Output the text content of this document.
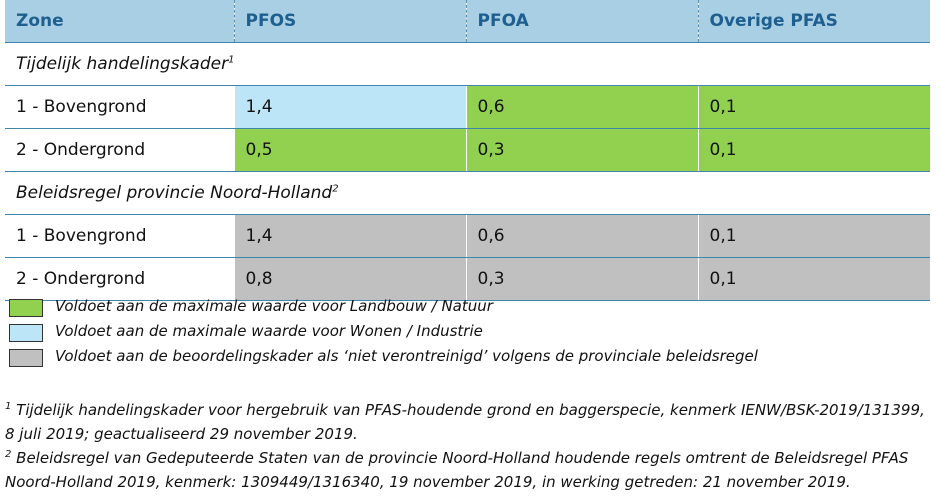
Zone	PFOS	PFOA	Overige PFAS
Tijdelijk handelingskader$^1$
1 - Bovengrond	1,4	0,6	0,1
2 - Ondergrond	0,5	0,3	0,1
Beleidsregel provincie Noord-Holland$^2$
1 - Bovengrond	1,4	0,6	0,1
2 - Ondergrond	0,8	0,3	0,1
Voldoet aan de maximale waarde voor Landbouw / Natuur
Voldoet aan de maximale waarde voor Wonen / Industrie
Voldoet aan de beoordelingskader als ‘niet verontreinigd’ volgens de provinciale beleidsregel
$^1$ Tijdelijk handelingskader voor hergebruik van PFAS-houdende grond en baggerspecie, kenmerk IENW/BSK-2019/131399,
8 juli 2019; geactualiseerd 29 november 2019.
$^2$ Beleidsregel van Gedeputeerde Staten van de provincie Noord-Holland houdende regels omtrent de Beleidsregel PFAS
Noord-Holland 2019, kenmerk: 1309449/1316340, 19 november 2019, in werking getreden: 21 november 2019.
